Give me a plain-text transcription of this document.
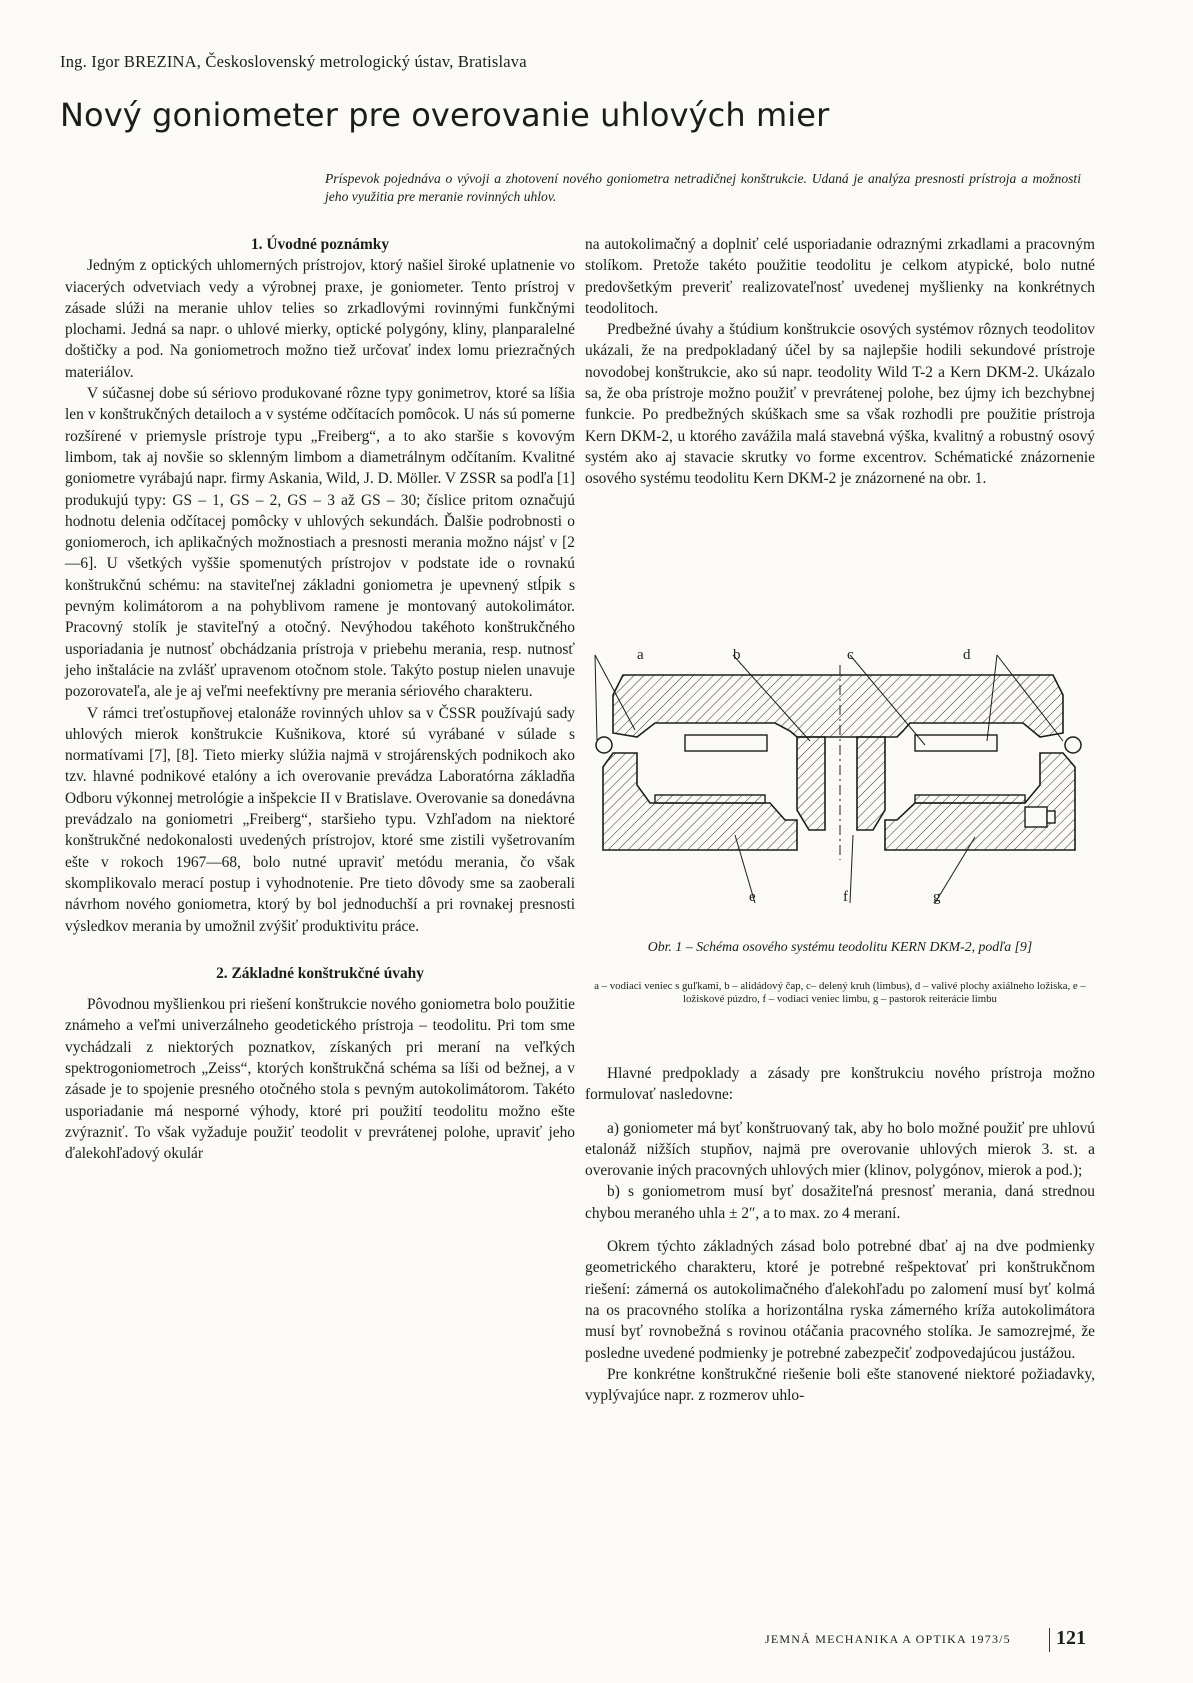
Ing. Igor BREZINA, Československý metrologický ústav, Bratislava
Nový goniometer pre overovanie uhlových mier

Príspevok pojednáva o vývoji a zhotovení nového goniometra netradičnej konštrukcie. Udaná je analýza presnosti prístroja a možnosti jeho využitia pre meranie rovinných uhlov.

1. Úvodné poznámky

Jedným z optických uhlomerných prístrojov, ktorý našiel široké uplatnenie vo viacerých odvetviach vedy a výrobnej praxe, je goniometer. Tento prístroj v zásade slúži na meranie uhlov telies so zrkadlovými rovinnými funkčnými plochami. Jedná sa napr. o uhlové mierky, optické polygóny, kliny, planparalelné doštičky a pod. Na goniometroch možno tiež určovať index lomu priezračných materiálov.

V súčasnej dobe sú sériovo produkované rôzne typy gonimetrov, ktoré sa líšia len v konštrukčných detailoch a v systéme odčítacích pomôcok. U nás sú pomerne rozšírené v priemysle prístroje typu „Freiberg“, a to ako staršie s kovovým limbom, tak aj novšie so sklenným limbom a diametrálnym odčítaním. Kvalitné goniometre vyrábajú napr. firmy Askania, Wild, J. D. Möller. V ZSSR sa podľa [1] produkujú typy: GS – 1, GS – 2, GS – 3 až GS – 30; číslice pritom označujú hodnotu delenia odčítacej pomôcky v uhlových sekundách. Ďalšie podrobnosti o goniomeroch, ich aplikačných možnostiach a presnosti merania možno nájsť v [2—6]. U všetkých vyššie spomenutých prístrojov v podstate ide o rovnakú konštrukčnú schému: na staviteľnej základni goniometra je upevnený stĺpik s pevným kolimátorom a na pohyblivom ramene je montovaný autokolimátor. Pracovný stolík je staviteľný a otočný. Nevýhodou takéhoto konštrukčného usporiadania je nutnosť obchádzania prístroja v priebehu merania, resp. nutnosť jeho inštalácie na zvlášť upravenom otočnom stole. Takýto postup nielen unavuje pozorovateľa, ale je aj veľmi neefektívny pre merania sériového charakteru.

V rámci treťostupňovej etalonáže rovinných uhlov sa v ČSSR používajú sady uhlových mierok konštrukcie Kušnikova, ktoré sú vyrábané v súlade s normatívami [7], [8]. Tieto mierky slúžia najmä v strojárenských podnikoch ako tzv. hlavné podnikové etalóny a ich overovanie prevádza Laboratórna základňa Odboru výkonnej metrológie a inšpekcie II v Bratislave. Overovanie sa donedávna prevádzalo na goniometri „Freiberg“, staršieho typu. Vzhľadom na niektoré konštrukčné nedokonalosti uvedených prístrojov, ktoré sme zistili vyšetrovaním ešte v rokoch 1967—68, bolo nutné upraviť metódu merania, čo však skomplikovalo merací postup i vyhodnotenie. Pre tieto dôvody sme sa zaoberali návrhom nového goniometra, ktorý by bol jednoduchší a pri rovnakej presnosti výsledkov merania by umožnil zvýšiť produktivitu práce.

2. Základné konštrukčné úvahy

Pôvodnou myšlienkou pri riešení konštrukcie nového goniometra bolo použitie známeho a veľmi univerzálneho geodetického prístroja – teodolitu. Pri tom sme vychádzali z niektorých poznatkov, získaných pri meraní na veľkých spektrogoniometroch „Zeiss“, ktorých konštrukčná schéma sa líši od bežnej, a v zásade je to spojenie presného otočného stola s pevným autokolimátorom. Takéto usporiadanie má nesporné výhody, ktoré pri použití teodolitu možno ešte zvýrazniť. To však vyžaduje použiť teodolit v prevrátenej polohe, upraviť jeho ďalekohľadový okulár

na autokolimačný a doplniť celé usporiadanie odraznými zrkadlami a pracovným stolíkom. Pretože takéto použitie teodolitu je celkom atypické, bolo nutné predovšetkým preveriť realizovateľnosť uvedenej myšlienky na konkrétnych teodolitoch.

Predbežné úvahy a štúdium konštrukcie osových systémov rôznych teodolitov ukázali, že na predpokladaný účel by sa najlepšie hodili sekundové prístroje novodobej konštrukcie, ako sú napr. teodolity Wild T-2 a Kern DKM-2. Ukázalo sa, že oba prístroje možno použiť v prevrátenej polohe, bez újmy ich bezchybnej funkcie. Po predbežných skúškach sme sa však rozhodli pre použitie prístroja Kern DKM-2, u ktorého zavážila malá stavebná výška, kvalitný a robustný osový systém ako aj stavacie skrutky vo forme excentrov. Schématické znázornenie osového systému teodolitu Kern DKM-2 je znázornené na obr. 1.

a	b	c	d
e	f	g

Obr. 1 – Schéma osového systému teodolitu KERN DKM-2, podľa [9]

a – vodiaci veniec s guľkami, b – alidádový čap, c– delený kruh (limbus), d – valivé plochy axiálneho ložiska, e – ložiskové púzdro, f – vodiaci veniec limbu, g – pastorok reiterácie limbu

Hlavné predpoklady a zásady pre konštrukciu nového prístroja možno formulovať nasledovne:

a) goniometer má byť konštruovaný tak, aby ho bolo možné použiť pre uhlovú etalonáž nižších stupňov, najmä pre overovanie uhlových mierok 3. st. a overovanie iných pracovných uhlových mier (klinov, polygónov, mierok a pod.);

b) s goniometrom musí byť dosažiteľná presnosť merania, daná strednou chybou meraného uhla ± 2″, a to max. zo 4 meraní.

Okrem týchto základných zásad bolo potrebné dbať aj na dve podmienky geometrického charakteru, ktoré je potrebné rešpektovať pri konštrukčnom riešení: zámerná os autokolimačného ďalekohľadu po zalomení musí byť kolmá na os pracovného stolíka a horizontálna ryska zámerného kríža autokolimátora musí byť rovnobežná s rovinou otáčania pracovného stolíka. Je samozrejmé, že posledne uvedené podmienky je potrebné zabezpečiť zodpovedajúcou justážou.

Pre konkrétne konštrukčné riešenie boli ešte stanovené niektoré požiadavky, vyplývajúce napr. z rozmerov uhlo-

JEMNÁ MECHANIKA A OPTIKA 1973/5 121
